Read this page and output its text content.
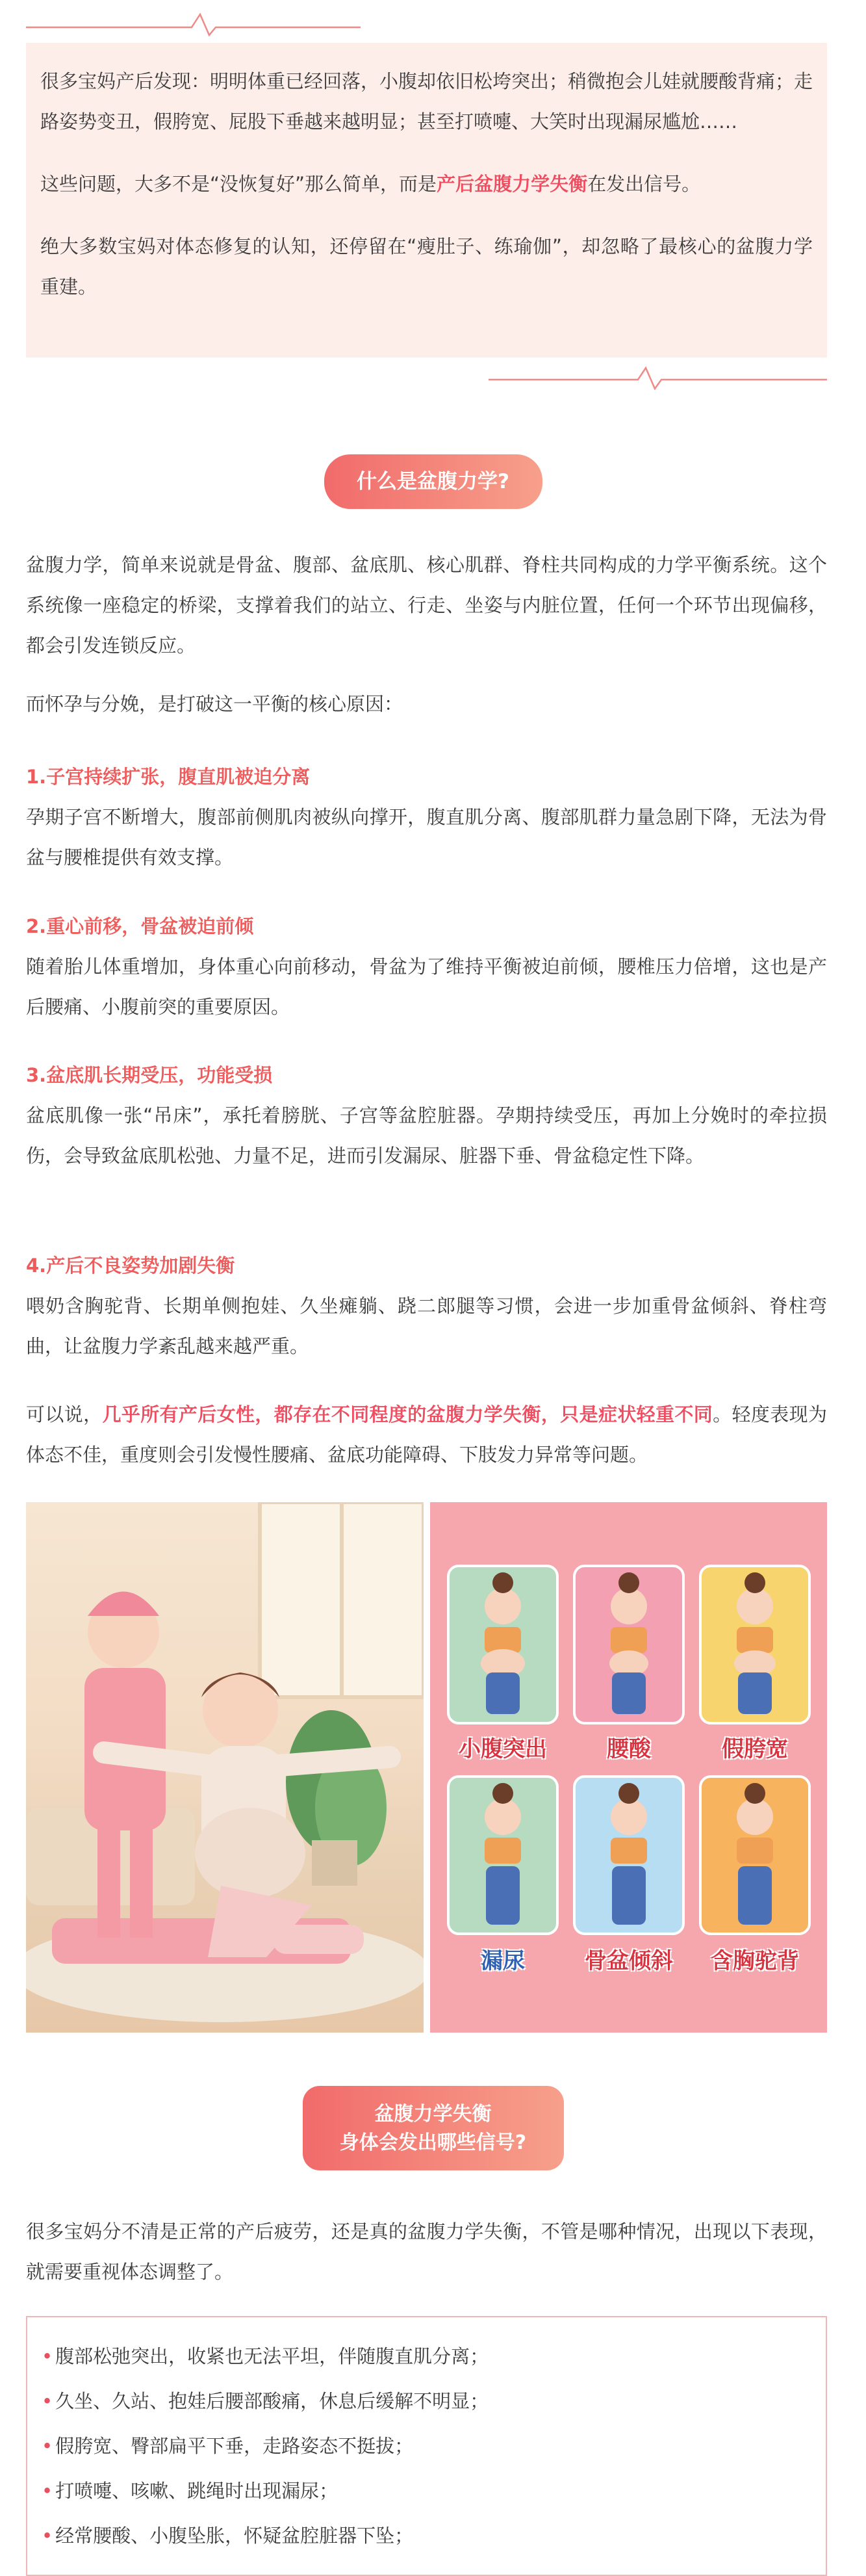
很多宝妈产后发现：明明体重已经回落，小腹却依旧松垮突出；稍微抱会儿娃就腰酸背痛；走路姿势变丑，假胯宽、屁股下垂越来越明显；甚至打喷嚏、大笑时出现漏尿尴尬……

这些问题，大多不是“没恢复好”那么简单，而是产后盆腹力学失衡在发出信号。

绝大多数宝妈对体态修复的认知，还停留在“瘦肚子、练瑜伽”，却忽略了最核心的盆腹力学重建。

什么是盆腹力学?

盆腹力学，简单来说就是骨盆、腹部、盆底肌、核心肌群、脊柱共同构成的力学平衡系统。这个系统像一座稳定的桥梁，支撑着我们的站立、行走、坐姿与内脏位置，任何一个环节出现偏移，都会引发连锁反应。

而怀孕与分娩，是打破这一平衡的核心原因：

1.子宫持续扩张，腹直肌被迫分离

孕期子宫不断增大，腹部前侧肌肉被纵向撑开，腹直肌分离、腹部肌群力量急剧下降，无法为骨盆与腰椎提供有效支撑。

2.重心前移，骨盆被迫前倾

随着胎儿体重增加，身体重心向前移动，骨盆为了维持平衡被迫前倾，腰椎压力倍增，这也是产后腰痛、小腹前突的重要原因。

3.盆底肌长期受压，功能受损

盆底肌像一张“吊床”，承托着膀胱、子宫等盆腔脏器。孕期持续受压，再加上分娩时的牵拉损伤，会导致盆底肌松弛、力量不足，进而引发漏尿、脏器下垂、骨盆稳定性下降。

4.产后不良姿势加剧失衡

喂奶含胸驼背、长期单侧抱娃、久坐瘫躺、跷二郎腿等习惯，会进一步加重骨盆倾斜、脊柱弯曲，让盆腹力学紊乱越来越严重。

可以说，几乎所有产后女性，都存在不同程度的盆腹力学失衡，只是症状轻重不同。轻度表现为体态不佳，重度则会引发慢性腰痛、盆底功能障碍、下肢发力异常等问题。

小腹突出	腰酸	假胯宽
漏尿	骨盆倾斜	含胸驼背
盆腹力学失衡
身体会发出哪些信号?

很多宝妈分不清是正常的产后疲劳，还是真的盆腹力学失衡，不管是哪种情况，出现以下表现，就需要重视体态调整了。

• 腹部松弛突出，收紧也无法平坦，伴随腹直肌分离；
• 久坐、久站、抱娃后腰部酸痛，休息后缓解不明显；
• 假胯宽、臀部扁平下垂，走路姿态不挺拔；
• 打喷嚏、咳嗽、跳绳时出现漏尿；
• 经常腰酸、小腹坠胀，怀疑盆腔脏器下坠；
